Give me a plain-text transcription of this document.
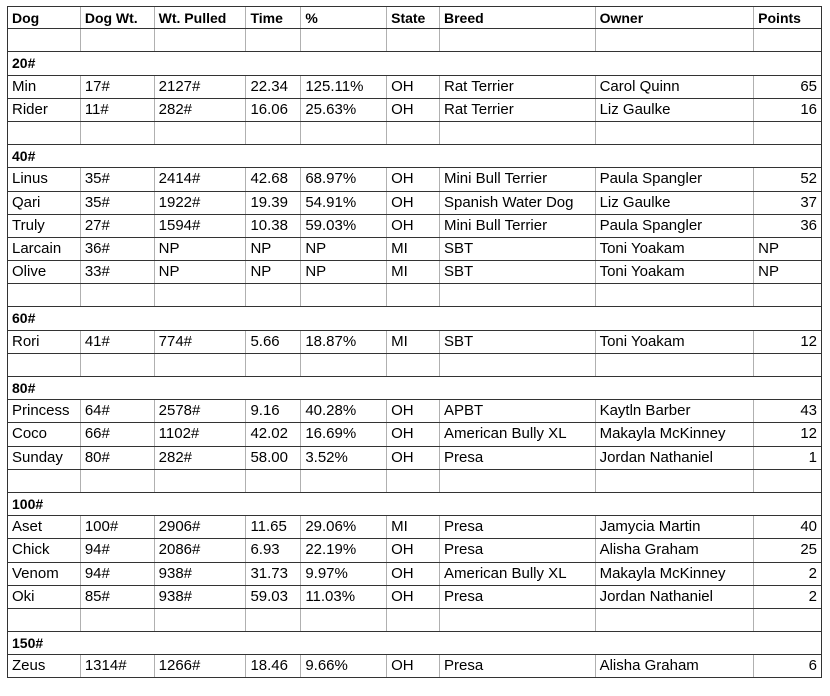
Dog	Dog Wt.	Wt. Pulled	Time	%	State	Breed	Owner	Points
20#
Min	17#	2127#	22.34	125.11%	OH	Rat Terrier	Carol Quinn	65
Rider	11#	282#	16.06	25.63%	OH	Rat Terrier	Liz Gaulke	16
40#
Linus	35#	2414#	42.68	68.97%	OH	Mini Bull Terrier	Paula Spangler	52
Qari	35#	1922#	19.39	54.91%	OH	Spanish Water Dog	Liz Gaulke	37
Truly	27#	1594#	10.38	59.03%	OH	Mini Bull Terrier	Paula Spangler	36
Larcain	36#	NP	NP	NP	MI	SBT	Toni Yoakam	NP
Olive	33#	NP	NP	NP	MI	SBT	Toni Yoakam	NP
60#
Rori	41#	774#	5.66	18.87%	MI	SBT	Toni Yoakam	12
80#
Princess	64#	2578#	9.16	40.28%	OH	APBT	Kaytln Barber	43
Coco	66#	1102#	42.02	16.69%	OH	American Bully XL	Makayla McKinney	12
Sunday	80#	282#	58.00	3.52%	OH	Presa	Jordan Nathaniel	1
100#
Aset	100#	2906#	11.65	29.06%	MI	Presa	Jamycia Martin	40
Chick	94#	2086#	6.93	22.19%	OH	Presa	Alisha Graham	25
Venom	94#	938#	31.73	9.97%	OH	American Bully XL	Makayla McKinney	2
Oki	85#	938#	59.03	11.03%	OH	Presa	Jordan Nathaniel	2
150#
Zeus	1314#	1266#	18.46	9.66%	OH	Presa	Alisha Graham	6
